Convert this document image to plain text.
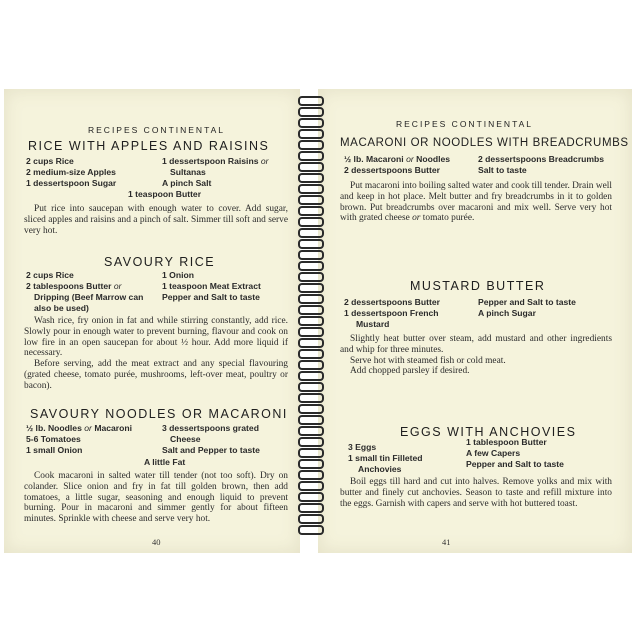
RECIPES CONTINENTAL
RICE WITH APPLES AND RAISINS
2 cups Rice
2 medium-size Apples
1 dessertspoon Sugar
1 dessertspoon Raisins or
Sultanas
A pinch Salt
1 teaspoon Butter

Put rice into saucepan with enough water to cover. Add sugar, sliced apples and raisins and a pinch of salt. Simmer till soft and serve very hot.

SAVOURY RICE
2 cups Rice
2 tablespoons Butter or
Dripping (Beef Marrow can
also be used)
1 Onion
1 teaspoon Meat Extract
Pepper and Salt to taste

Wash rice, fry onion in fat and while stirring constantly, add rice. Slowly pour in enough water to prevent burning, flavour and cook on low fire in an open saucepan for about ½ hour. Add more liquid if necessary.

Before serving, add the meat extract and any special flavouring (grated cheese, tomato purée, mushrooms, left-over meat, poultry or bacon).

SAVOURY NOODLES OR MACARONI
½ lb. Noodles or Macaroni
5-6 Tomatoes
1 small Onion
3 dessertspoons grated
Cheese
Salt and Pepper to taste
A little Fat

Cook macaroni in salted water till tender (not too soft). Dry on colander. Slice onion and fry in fat till golden brown, then add tomatoes, a little sugar, seasoning and enough liquid to prevent burning. Pour in macaroni and simmer gently for about fifteen minutes. Sprinkle with cheese and serve very hot.

40
RECIPES CONTINENTAL
MACARONI OR NOODLES WITH BREADCRUMBS
½ lb. Macaroni or Noodles
2 dessertspoons Butter
2 dessertspoons Breadcrumbs
Salt to taste

Put macaroni into boiling salted water and cook till tender. Drain well and keep in hot place. Melt butter and fry breadcrumbs in it to golden brown. Put breadcrumbs over macaroni and mix well. Serve very hot with grated cheese or tomato purée.

MUSTARD BUTTER
2 dessertspoons Butter
1 dessertspoon French
Mustard
Pepper and Salt to taste
A pinch Sugar

Slightly heat butter over steam, add mustard and other ingredients and whip for three minutes.

Serve hot with steamed fish or cold meat.

Add chopped parsley if desired.

EGGS WITH ANCHOVIES
3 Eggs
1 small tin Filleted
Anchovies
1 tablespoon Butter
A few Capers
Pepper and Salt to taste

Boil eggs till hard and cut into halves. Remove yolks and mix with butter and finely cut anchovies. Season to taste and refill mixture into the eggs. Garnish with capers and serve with hot buttered toast.

41
